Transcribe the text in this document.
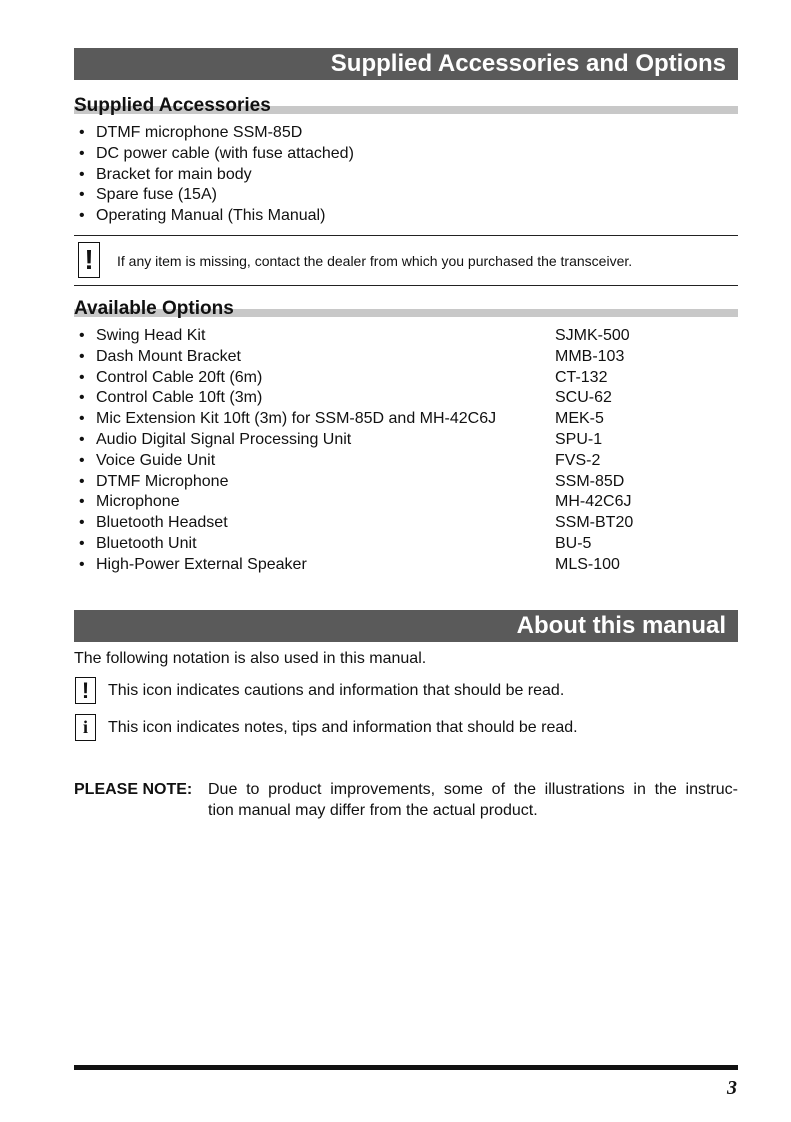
Supplied Accessories and Options
Supplied Accessories
• DTMF microphone SSM-85D
• DC power cable (with fuse attached)
• Bracket for main body
• Spare fuse (15A)
• Operating Manual (This Manual)
!	If any item is missing, contact the dealer from which you purchased the transceiver.
Available Options
• Swing Head Kit	SJMK-500
• Dash Mount Bracket	MMB-103
• Control Cable 20ft (6m)	CT-132
• Control Cable 10ft (3m)	SCU-62
• Mic Extension Kit 10ft (3m) for SSM-85D and MH-42C6J	MEK-5
• Audio Digital Signal Processing Unit	SPU-1
• Voice Guide Unit	FVS-2
• DTMF Microphone	SSM-85D
• Microphone	MH-42C6J
• Bluetooth Headset	SSM-BT20
• Bluetooth Unit	BU-5
• High-Power External Speaker	MLS-100
About this manual
The following notation is also used in this manual.
!	This icon indicates cautions and information that should be read.
i	This icon indicates notes, tips and information that should be read.
PLEASE NOTE: Due to product improvements, some of the illustrations in the instruc-
tion manual may differ from the actual product.
3
